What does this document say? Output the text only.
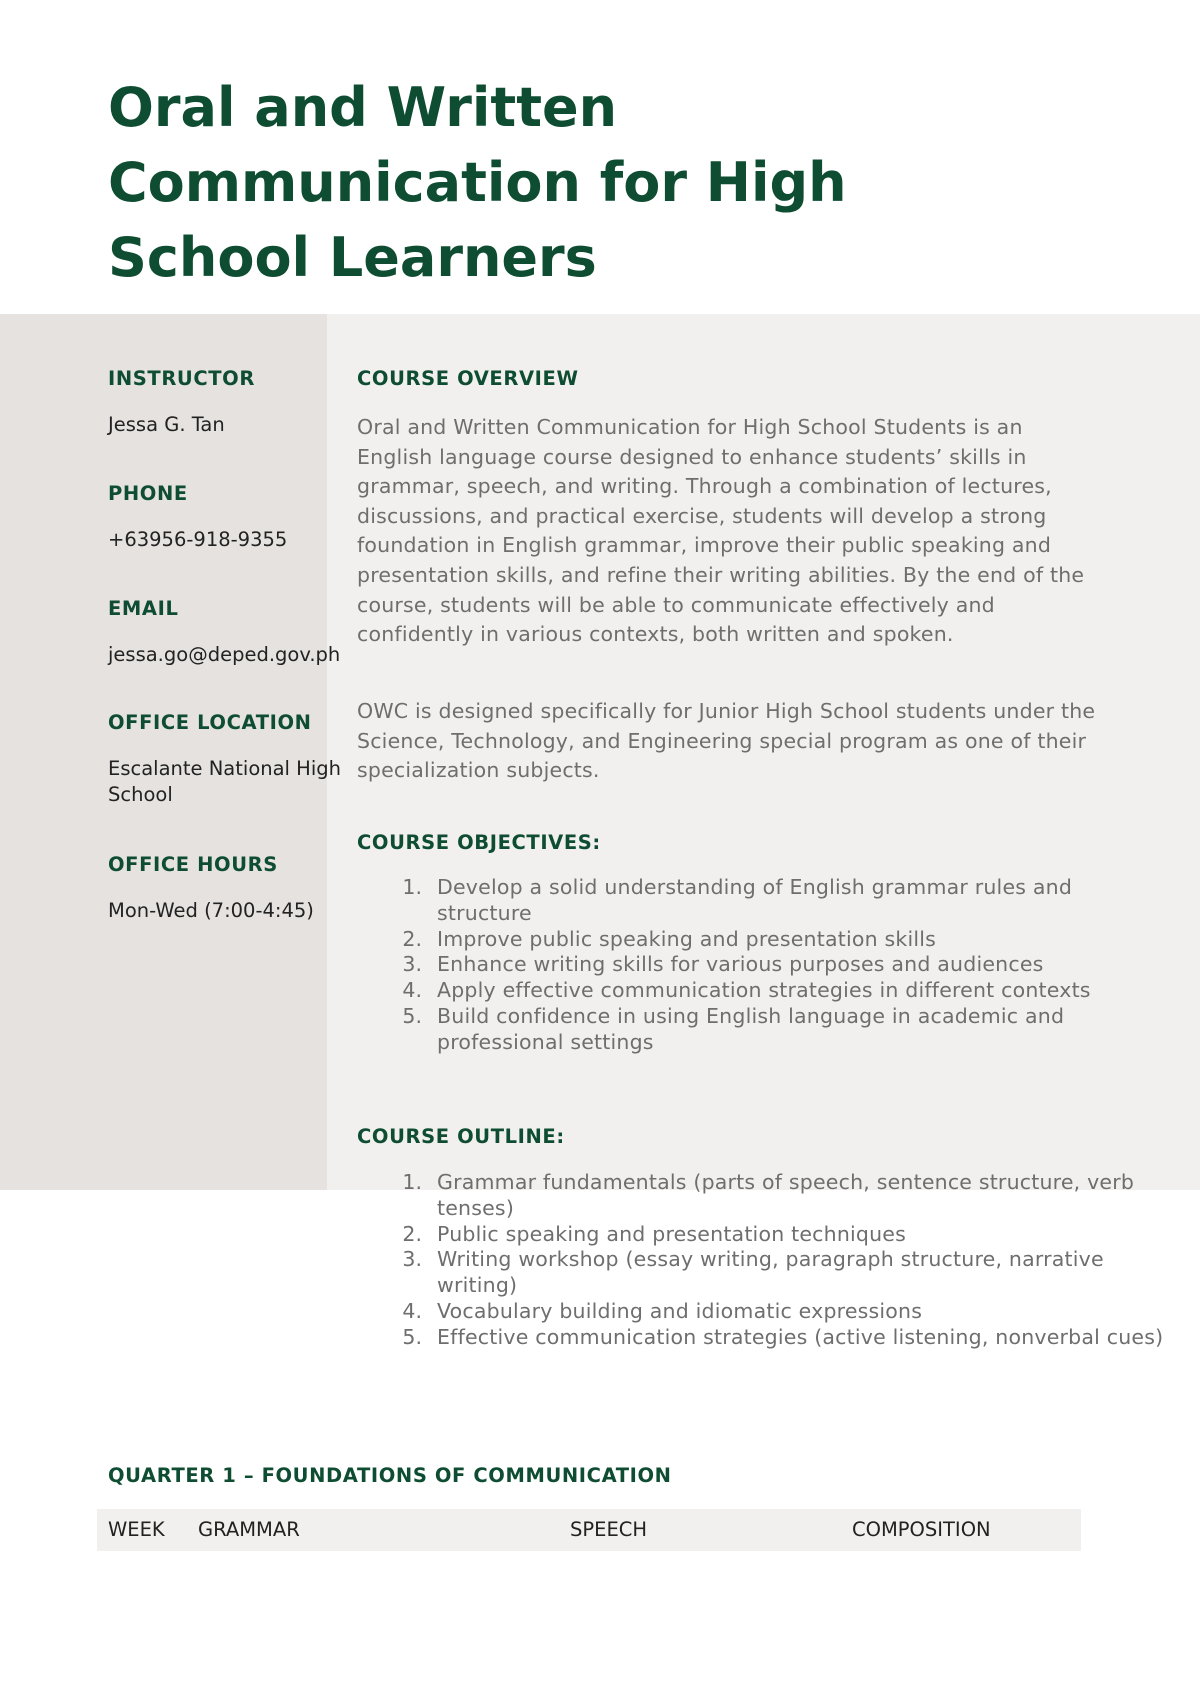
Oral and Written Communication for High School Learners
INSTRUCTOR

Jessa G. Tan

PHONE

+63956-918-9355

EMAIL

jessa.go@deped.gov.ph

OFFICE LOCATION

Escalante National High School

OFFICE HOURS

Mon-Wed (7:00-4:45)

COURSE OVERVIEW

Oral and Written Communication for High School Students is an English language course designed to enhance students’ skills in grammar, speech, and writing. Through a combination of lectures, discussions, and practical exercise, students will develop a strong foundation in English grammar, improve their public speaking and presentation skills, and refine their writing abilities. By the end of the course, students will be able to communicate effectively and confidently in various contexts, both written and spoken.

OWC is designed specifically for Junior High School students under the Science, Technology, and Engineering special program as one of their specialization subjects.

COURSE OBJECTIVES:
1. Develop a solid understanding of English grammar rules and structure
2. Improve public speaking and presentation skills
3. Enhance writing skills for various purposes and audiences
4. Apply effective communication strategies in different contexts
5. Build confidence in using English language in academic and professional settings
COURSE OUTLINE:
1. Grammar fundamentals (parts of speech, sentence structure, verb tenses)
2. Public speaking and presentation techniques
3. Writing workshop (essay writing, paragraph structure, narrative writing)
4. Vocabulary building and idiomatic expressions
5. Effective communication strategies (active listening, nonverbal cues)
QUARTER 1 – FOUNDATIONS OF COMMUNICATION
WEEK GRAMMAR	SPEECH	COMPOSITION
